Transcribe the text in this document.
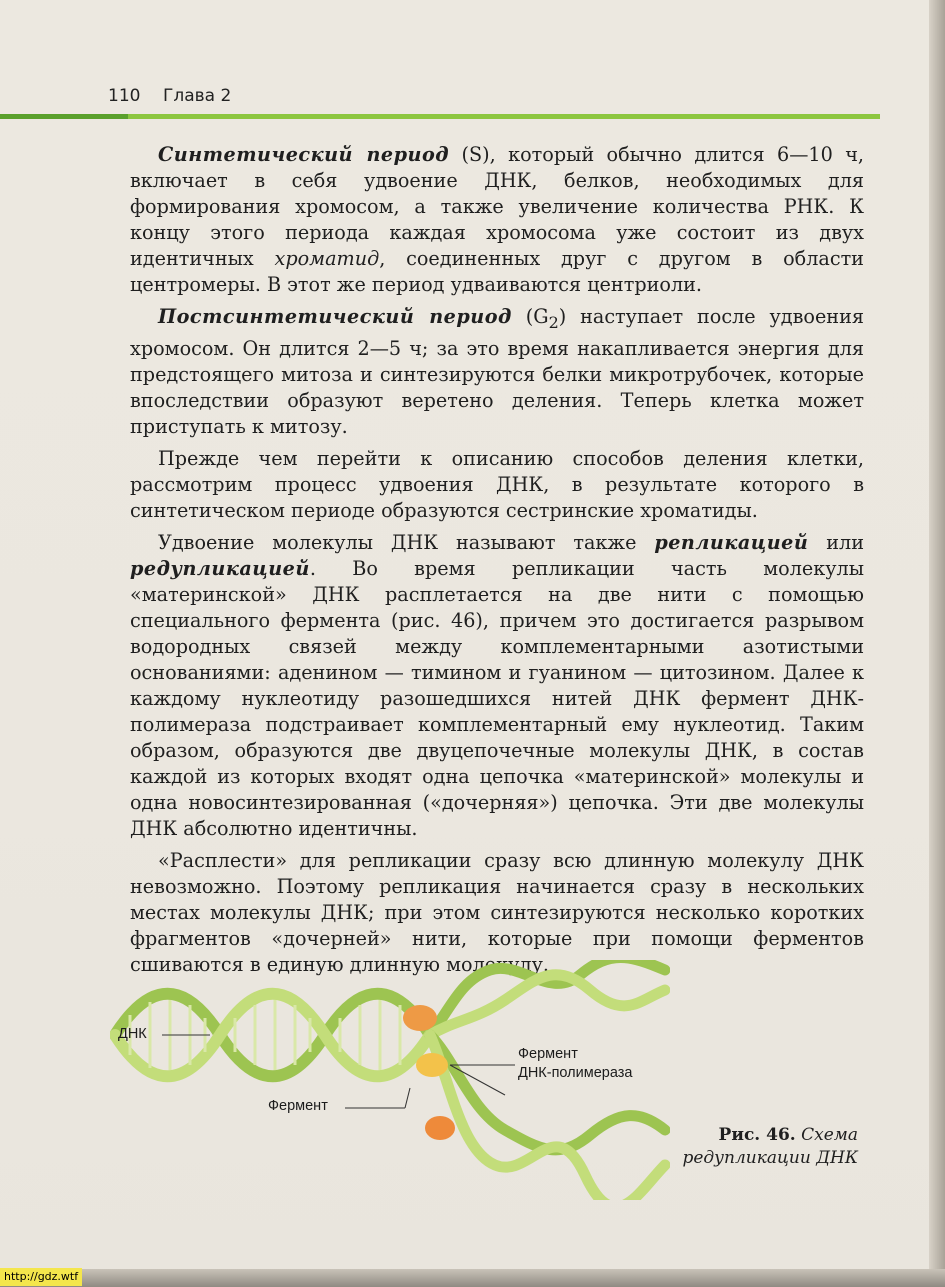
110 Глава 2

Синтетический период (S), который обычно длится 6—10 ч, включает в себя удвоение ДНК, белков, необходимых для формирования хромосом, а также увеличение количества РНК. К концу этого периода каждая хромосома уже состоит из двух идентичных хроматид, соединенных друг с другом в области центромеры. В этот же период удваиваются центриоли.

Постсинтетический период $(G_2)$ наступает после удвоения хромосом. Он длится 2—5 ч; за это время накапливается энергия для предстоящего митоза и синтезируются белки микротрубочек, которые впоследствии образуют веретено деления. Теперь клетка может приступать к митозу.

Прежде чем перейти к описанию способов деления клетки, рассмотрим процесс удвоения ДНК, в результате которого в синтетическом периоде образуются сестринские хроматиды.

Удвоение молекулы ДНК называют также репликацией или редупликацией. Во время репликации часть молекулы «материнской» ДНК расплетается на две нити с помощью специального фермента (рис. 46), причем это достигается разрывом водородных связей между комплементарными азотистыми основаниями: аденином — тимином и гуанином — цитозином. Далее к каждому нуклеотиду разошедшихся нитей ДНК фермент ДНК-полимераза подстраивает комплементарный ему нуклеотид. Таким образом, образуются две двуцепочечные молекулы ДНК, в состав каждой из которых входят одна цепочка «материнской» молекулы и одна новосинтезированная («дочерняя») цепочка. Эти две молекулы ДНК абсолютно идентичны.

«Расплести» для репликации сразу всю длинную молекулу ДНК невозможно. Поэтому репликация начинается сразу в нескольких местах молекулы ДНК; при этом синтезируются несколько коротких фрагментов «дочерней» нити, которые при помощи ферментов сшиваются в единую длинную молекулу.

ДНК
Фермент
Фермент
ДНК-полимераза
Рис. 46. Схема редупликации ДНК
http://gdz.wtf
